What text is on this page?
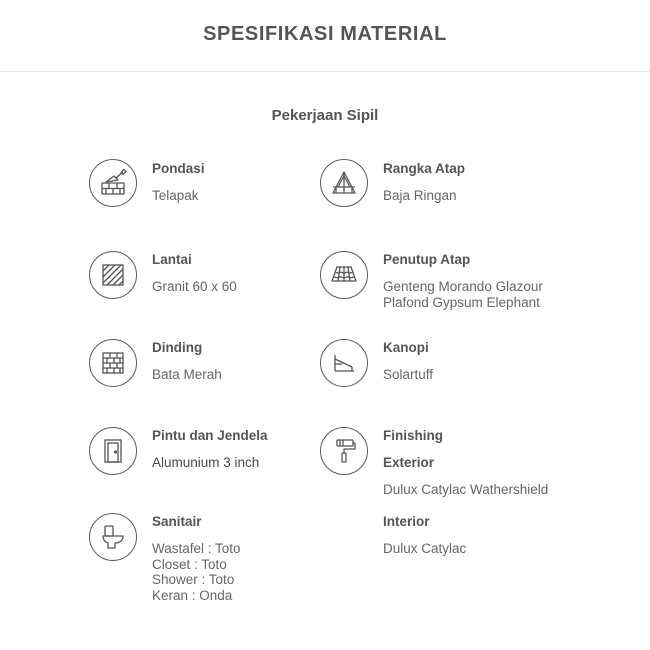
SPESIFIKASI MATERIAL
Pekerjaan Sipil
Pondasi
Telapak
Lantai
Granit 60 x 60
Dinding
Bata Merah
Pintu dan Jendela
Alumunium 3 inch
Sanitair
Wastafel : Toto
Closet : Toto
Shower : Toto
Keran : Onda
Rangka Atap
Baja Ringan
Penutup Atap
Genteng Morando Glazour
Plafond Gypsum Elephant
Kanopi
Solartuff
Finishing
Exterior
Dulux Catylac Wathershield
Interior
Dulux Catylac
